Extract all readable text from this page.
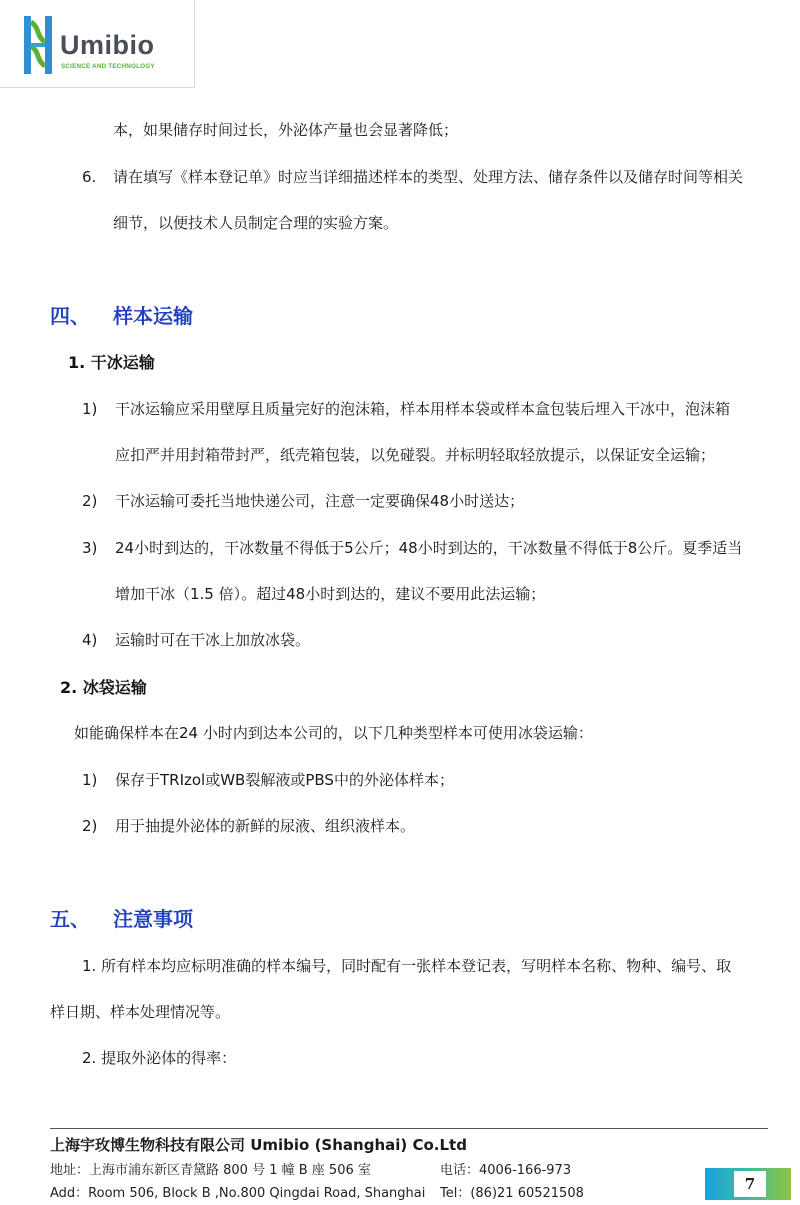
Umibio
SCIENCE AND TECHNOLOGY
本，如果储存时间过长，外泌体产量也会显著降低；
6. 请在填写《样本登记单》时应当详细描述样本的类型、处理方法、储存条件以及储存时间等相关
细节，以便技术人员制定合理的实验方案。
四、 样本运输
1. 干冰运输
1) 干冰运输应采用壁厚且质量完好的泡沫箱，样本用样本袋或样本盒包装后埋入干冰中，泡沫箱
应扣严并用封箱带封严，纸壳箱包装，以免碰裂。并标明轻取轻放提示，以保证安全运输；
2) 干冰运输可委托当地快递公司，注意一定要确保48小时送达；
3) 24小时到达的，干冰数量不得低于5公斤；48小时到达的，干冰数量不得低于8公斤。夏季适当
增加干冰（1.5 倍）。超过48小时到达的，建议不要用此法运输；
4) 运输时可在干冰上加放冰袋。
2. 冰袋运输
如能确保样本在24 小时内到达本公司的，以下几种类型样本可使用冰袋运输：
1) 保存于TRIzol或WB裂解液或PBS中的外泌体样本；
2) 用于抽提外泌体的新鲜的尿液、组织液样本。
五、 注意事项
1. 所有样本均应标明准确的样本编号，同时配有一张样本登记表，写明样本名称、物种、编号、取
样日期、样本处理情况等。
2. 提取外泌体的得率：
上海宇玫博生物科技有限公司 Umibio (Shanghai) Co.Ltd
地址：上海市浦东新区青黛路 800 号 1 幢 B 座 506 室	电话：4006-166-973
Add：Room 506, Block B ,No.800 Qingdai Road, Shanghai Tel：(86)21 60521508
7
